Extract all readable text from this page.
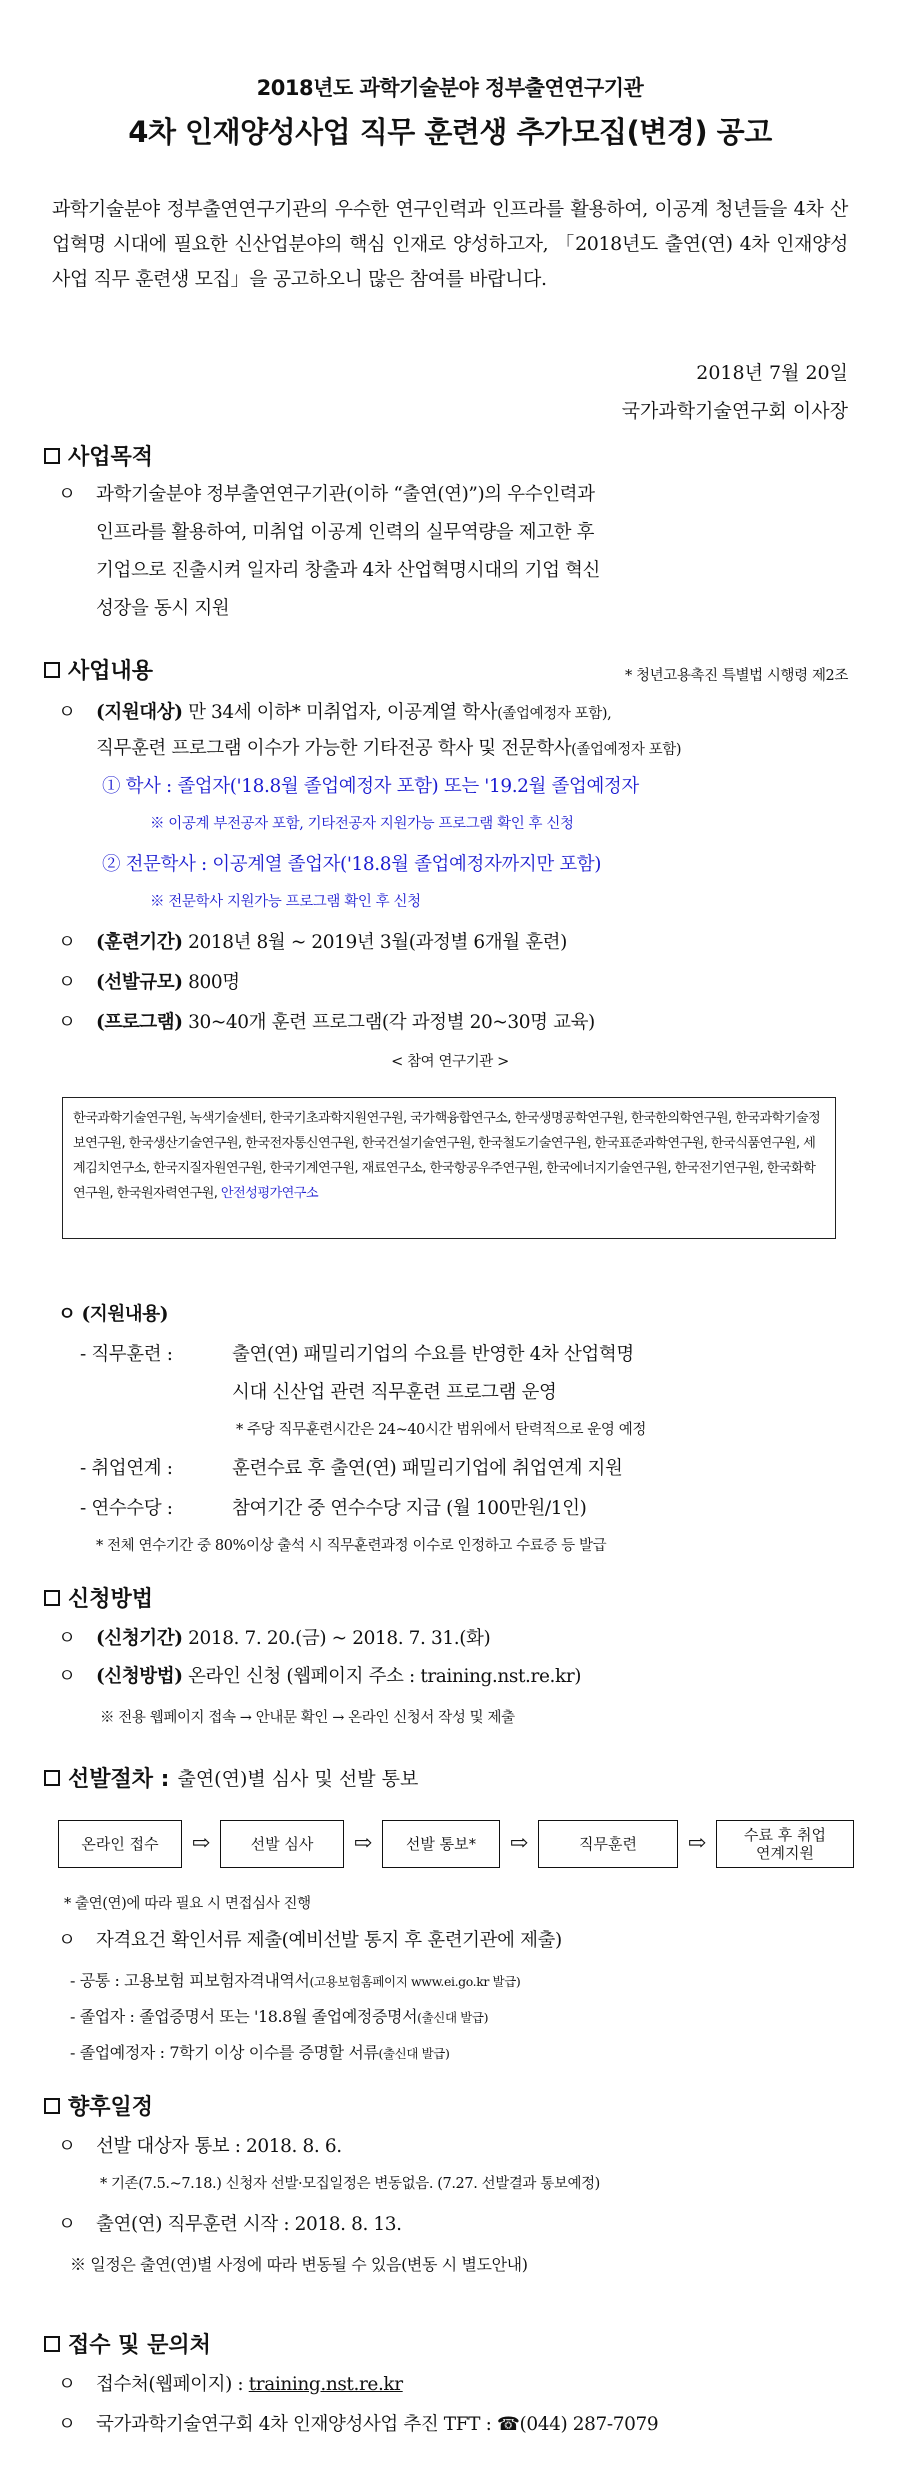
2018년도 과학기술분야 정부출연연구기관
4차 인재양성사업 직무 훈련생 추가모집(변경) 공고
과학기술분야 정부출연연구기관의 우수한 연구인력과 인프라를 활용하여, 이공계 청년들을 4차 산업혁명 시대에 필요한 신산업분야의 핵심 인재로 양성하고자, 「2018년도 출연(연) 4차 인재양성사업 직무 훈련생 모집」을 공고하오니 많은 참여를 바랍니다.
2018년 7월 20일
국가과학기술연구회 이사장
사업목적
ㅇ 과학기술분야 정부출연연구기관(이하 “출연(연)”)의 우수인력과
인프라를 활용하여, 미취업 이공계 인력의 실무역량을 제고한 후
기업으로 진출시켜 일자리 창출과 4차 산업혁명시대의 기업 혁신
성장을 동시 지원
사업내용	* 청년고용촉진 특별법 시행령 제2조
ㅇ (지원대상) 만 34세 이하* 미취업자, 이공계열 학사(졸업예정자 포함),
직무훈련 프로그램 이수가 가능한 기타전공 학사 및 전문학사(졸업예정자 포함)
① 학사 : 졸업자('18.8월 졸업예정자 포함) 또는 '19.2월 졸업예정자
※ 이공계 부전공자 포함, 기타전공자 지원가능 프로그램 확인 후 신청
② 전문학사 : 이공계열 졸업자('18.8월 졸업예정자까지만 포함)
※ 전문학사 지원가능 프로그램 확인 후 신청
ㅇ (훈련기간) 2018년 8월 ~ 2019년 3월(과정별 6개월 훈련)
ㅇ (선발규모) 800명
ㅇ (프로그램) 30~40개 훈련 프로그램(각 과정별 20~30명 교육)
< 참여 연구기관 >
한국과학기술연구원, 녹색기술센터, 한국기초과학지원연구원, 국가핵융합연구소, 한국생명공학연구원, 한국한의학연구원, 한국과학기술정보연구원, 한국생산기술연구원, 한국전자통신연구원, 한국건설기술연구원, 한국철도기술연구원, 한국표준과학연구원, 한국식품연구원, 세계김치연구소, 한국지질자원연구원, 한국기계연구원, 재료연구소, 한국항공우주연구원, 한국에너지기술연구원, 한국전기연구원, 한국화학연구원, 한국원자력연구원, 안전성평가연구소
ㅇ (지원내용)
- 직무훈련 :	출연(연) 패밀리기업의 수요를 반영한 4차 산업혁명
시대 신산업 관련 직무훈련 프로그램 운영
* 주당 직무훈련시간은 24~40시간 범위에서 탄력적으로 운영 예정
- 취업연계 :	훈련수료 후 출연(연) 패밀리기업에 취업연계 지원
- 연수수당 :	참여기간 중 연수수당 지급 (월 100만원/1인)
* 전체 연수기간 중 80%이상 출석 시 직무훈련과정 이수로 인정하고 수료증 등 발급
신청방법
ㅇ (신청기간) 2018. 7. 20.(금) ~ 2018. 7. 31.(화)
ㅇ (신청방법) 온라인 신청 (웹페이지 주소 : training.nst.re.kr)
※ 전용 웹페이지 접속 → 안내문 확인 → 온라인 신청서 작성 및 제출
선발절차 : 출연(연)별 심사 및 선발 통보
온라인 접수	⇨	선발 심사	⇨	선발 통보*	⇨	직무훈련	⇨	수료 후 취업
연계지원
* 출연(연)에 따라 필요 시 면접심사 진행
ㅇ 자격요건 확인서류 제출(예비선발 통지 후 훈련기관에 제출)
- 공통 : 고용보험 피보험자격내역서(고용보험홈페이지 www.ei.go.kr 발급)
- 졸업자 : 졸업증명서 또는 '18.8월 졸업예정증명서(출신대 발급)
- 졸업예정자 : 7학기 이상 이수를 증명할 서류(출신대 발급)
향후일정
ㅇ 선발 대상자 통보 : 2018. 8. 6.
* 기존(7.5.~7.18.) 신청자 선발·모집일정은 변동없음. (7.27. 선발결과 통보예정)
ㅇ 출연(연) 직무훈련 시작 : 2018. 8. 13.
※ 일정은 출연(연)별 사정에 따라 변동될 수 있음(변동 시 별도안내)
접수 및 문의처
ㅇ 접수처(웹페이지) : training.nst.re.kr
ㅇ 국가과학기술연구회 4차 인재양성사업 추진 TFT : ☎(044) 287-7079
